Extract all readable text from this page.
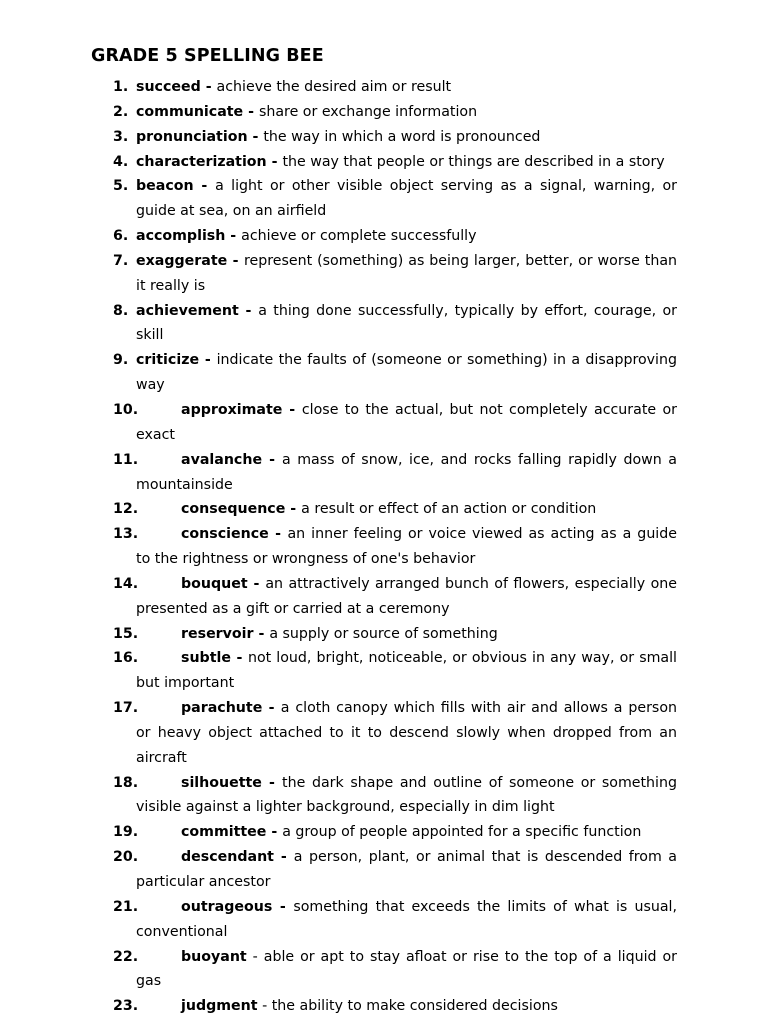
GRADE 5 SPELLING BEE
1. succeed - achieve the desired aim or result
2. communicate - share or exchange information
3. pronunciation - the way in which a word is pronounced
4. characterization - the way that people or things are described in a story
5. beacon - a light or other visible object serving as a signal, warning, or guide at sea, on an airfield
6. accomplish - achieve or complete successfully
7. exaggerate - represent (something) as being larger, better, or worse than it really is
8. achievement - a thing done successfully, typically by effort, courage, or skill
9. criticize - indicate the faults of (someone or something) in a disapproving way
10.	approximate - close to the actual, but not completely accurate or exact
11.	avalanche - a mass of snow, ice, and rocks falling rapidly down a mountainside
12.	consequence - a result or effect of an action or condition
13.	conscience - an inner feeling or voice viewed as acting as a guide to the rightness or wrongness of one's behavior
14.	bouquet - an attractively arranged bunch of flowers, especially one presented as a gift or carried at a ceremony
15.	reservoir - a supply or source of something
16.	subtle - not loud, bright, noticeable, or obvious in any way, or small but important
17.	parachute - a cloth canopy which fills with air and allows a person or heavy object attached to it to descend slowly when dropped from an aircraft
18.	silhouette - the dark shape and outline of someone or something visible against a lighter background, especially in dim light
19.	committee - a group of people appointed for a specific function
20.	descendant - a person, plant, or animal that is descended from a particular ancestor
21.	outrageous - something that exceeds the limits of what is usual, conventional
22.	buoyant - able or apt to stay afloat or rise to the top of a liquid or gas
23.	judgment - the ability to make considered decisions
